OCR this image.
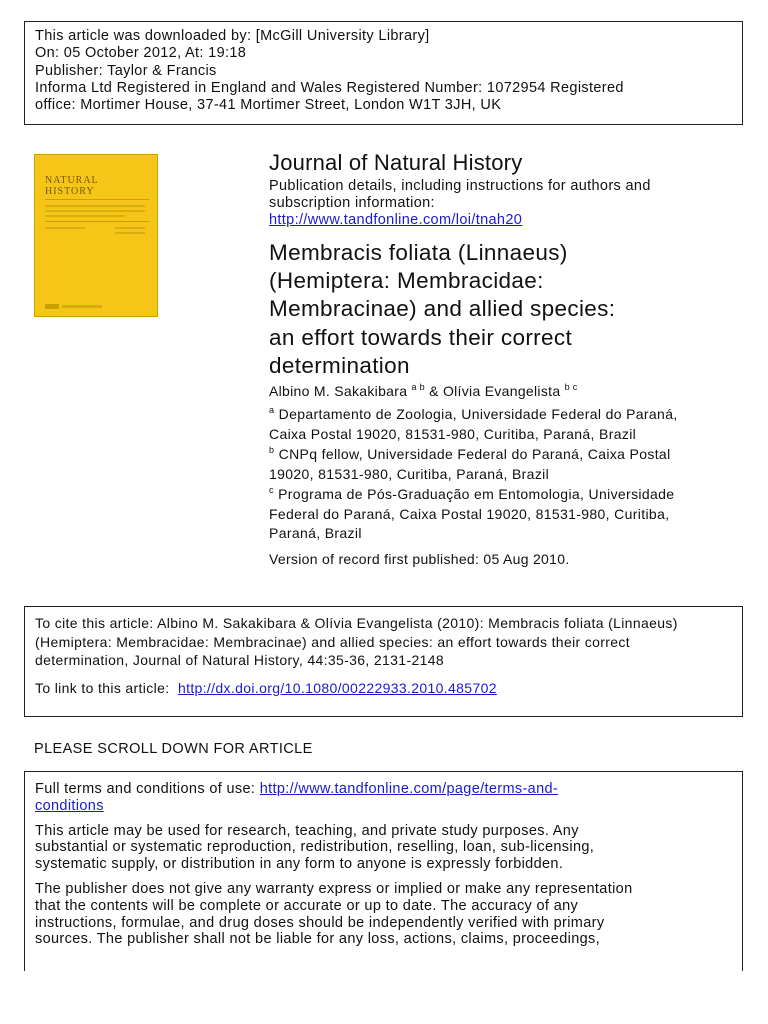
This article was downloaded by: [McGill University Library]
On: 05 October 2012, At: 19:18
Publisher: Taylor & Francis
Informa Ltd Registered in England and Wales Registered Number: 1072954 Registered
office: Mortimer House, 37-41 Mortimer Street, London W1T 3JH, UK
NATURAL
HISTORY
Journal of Natural History
Publication details, including instructions for authors and
subscription information:
http://www.tandfonline.com/loi/tnah20
Membracis foliata (Linnaeus)
(Hemiptera: Membracidae:
Membracinae) and allied species:
an effort towards their correct
determination
Albino M. Sakakibara $^{a b}$ & Olívia Evangelista $^{b c}$
$^a$ Departamento de Zoologia, Universidade Federal do Paraná,
Caixa Postal 19020, 81531-980, Curitiba, Paraná, Brazil
$^b$ CNPq fellow, Universidade Federal do Paraná, Caixa Postal
19020, 81531-980, Curitiba, Paraná, Brazil
$^c$ Programa de Pós-Graduação em Entomologia, Universidade
Federal do Paraná, Caixa Postal 19020, 81531-980, Curitiba,
Paraná, Brazil
Version of record first published: 05 Aug 2010.
To cite this article: Albino M. Sakakibara & Olívia Evangelista (2010): Membracis foliata (Linnaeus)
(Hemiptera: Membracidae: Membracinae) and allied species: an effort towards their correct
determination, Journal of Natural History, 44:35-36, 2131-2148
To link to this article: http://dx.doi.org/10.1080/00222933.2010.485702
PLEASE SCROLL DOWN FOR ARTICLE
Full terms and conditions of use: http://www.tandfonline.com/page/terms-and-
conditions
This article may be used for research, teaching, and private study purposes. Any
substantial or systematic reproduction, redistribution, reselling, loan, sub-licensing,
systematic supply, or distribution in any form to anyone is expressly forbidden.
The publisher does not give any warranty express or implied or make any representation
that the contents will be complete or accurate or up to date. The accuracy of any
instructions, formulae, and drug doses should be independently verified with primary
sources. The publisher shall not be liable for any loss, actions, claims, proceedings,
